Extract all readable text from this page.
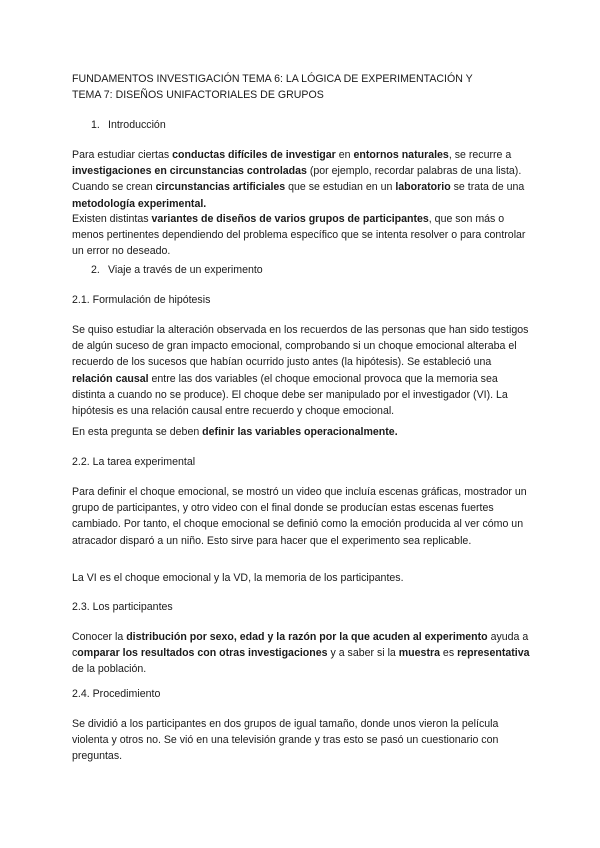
FUNDAMENTOS INVESTIGACIÓN TEMA 6: LA LÓGICA DE EXPERIMENTACIÓN Y
TEMA 7: DISEÑOS UNIFACTORIALES DE GRUPOS
1. Introducción
Para estudiar ciertas conductas difíciles de investigar en entornos naturales, se recurre a investigaciones en circunstancias controladas (por ejemplo, recordar palabras de una lista). Cuando se crean circunstancias artificiales que se estudian en un laboratorio se trata de una metodología experimental.
Existen distintas variantes de diseños de varios grupos de participantes, que son más o menos pertinentes dependiendo del problema específico que se intenta resolver o para controlar un error no deseado.
2. Viaje a través de un experimento
2.1. Formulación de hipótesis
Se quiso estudiar la alteración observada en los recuerdos de las personas que han sido testigos de algún suceso de gran impacto emocional, comprobando si un choque emocional alteraba el recuerdo de los sucesos que habían ocurrido justo antes (la hipótesis). Se estableció una relación causal entre las dos variables (el choque emocional provoca que la memoria sea distinta a cuando no se produce). El choque debe ser manipulado por el investigador (VI). La hipótesis es una relación causal entre recuerdo y choque emocional.
En esta pregunta se deben definir las variables operacionalmente.
2.2. La tarea experimental
Para definir el choque emocional, se mostró un video que incluía escenas gráficas, mostrador un grupo de participantes, y otro video con el final donde se producían estas escenas fuertes cambiado. Por tanto, el choque emocional se definió como la emoción producida al ver cómo un atracador disparó a un niño. Esto sirve para hacer que el experimento sea replicable.
La VI es el choque emocional y la VD, la memoria de los participantes.
2.3. Los participantes
Conocer la distribución por sexo, edad y la razón por la que acuden al experimento ayuda a comparar los resultados con otras investigaciones y a saber si la muestra es representativa de la población.
2.4. Procedimiento
Se dividió a los participantes en dos grupos de igual tamaño, donde unos vieron la película violenta y otros no. Se vió en una televisión grande y tras esto se pasó un cuestionario con preguntas.
